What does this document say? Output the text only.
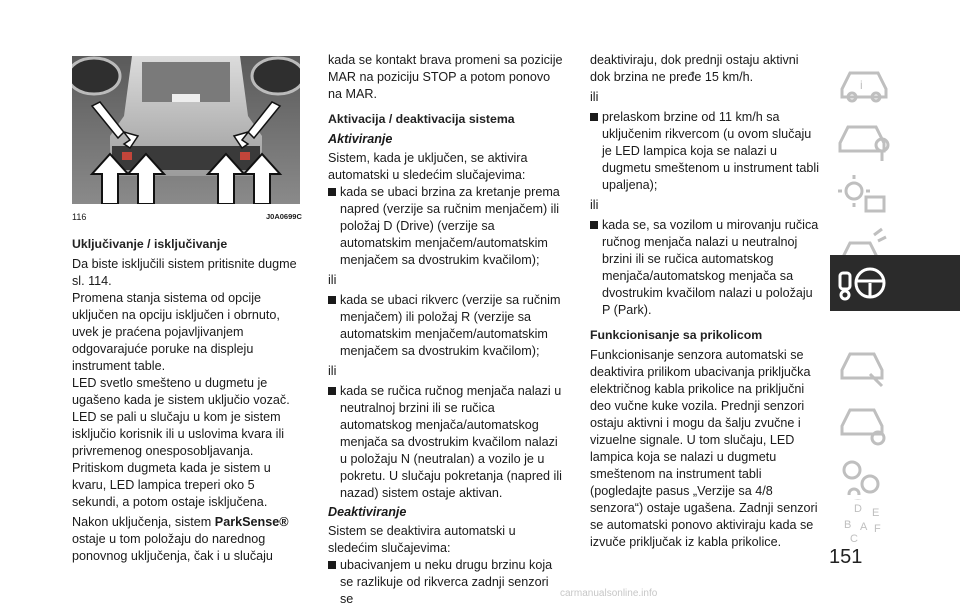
116	J0A0699C

Uključivanje / isključivanje

Da biste isključili sistem pritisnite dugme sl. 114.

Promena stanja sistema od opcije uključen na opciju isključen i obrnuto, uvek je praćena pojavljivanjem odgovarajuće poruke na displeju instrument table.

LED svetlo smešteno u dugmetu je ugašeno kada je sistem uključio vozač. LED se pali u slučaju u kom je sistem isključio korisnik ili u uslovima kvara ili privremenog onesposobljavanja.

Pritiskom dugmeta kada je sistem u kvaru, LED lampica treperi oko 5 sekundi, a potom ostaje isključena.

Nakon uključenja, sistem ParkSense® ostaje u tom položaju do narednog ponovnog uključenja, čak i u slučaju

kada se kontakt brava promeni sa pozicije MAR na poziciju STOP a potom ponovo na MAR.

Aktivacija / deaktivacija sistema

Aktiviranje

Sistem, kada je uključen, se aktivira automatski u sledećim slučajevima:

kada se ubaci brzina za kretanje prema napred (verzije sa ručnim menjačem) ili položaj D (Drive) (verzije sa automatskim menjačem/automatskim menjačem sa dvostrukim kvačilom);

ili

kada se ubaci rikverc (verzije sa ručnim menjačem) ili položaj R (verzije sa automatskim menjačem/automatskim menjačem sa dvostrukim kvačilom);

ili

kada se ručica ručnog menjača nalazi u neutralnoj brzini ili se ručica automatskog menjača/automatskog menjača sa dvostrukim kvačilom nalazi u položaju N (neutralan) a vozilo je u pokretu. U slučaju pokretanja (napred ili nazad) sistem ostaje aktivan.

Deaktiviranje

Sistem se deaktivira automatski u sledećim slučajevima:

ubacivanjem u neku drugu brzinu koja se razlikuje od rikverca zadnji senzori se

deaktiviraju, dok prednji ostaju aktivni dok brzina ne pređe 15 km/h.

ili

prelaskom brzine od 11 km/h sa uključenim rikvercom (u ovom slučaju je LED lampica koja se nalazi u dugmetu smeštenom u instrument tabli upaljena);

ili

kada se, sa vozilom u mirovanju ručica ručnog menjača nalazi u neutralnoj brzini ili se ručica automatskog menjača/automatskog menjača sa dvostrukim kvačilom nalazi u položaju P (Park).

Funkcionisanje sa prikolicom

Funkcionisanje senzora automatski se deaktivira prilikom ubacivanja priključka električnog kabla prikolice na priključni deo vučne kuke vozila. Prednji senzori ostaju aktivni i mogu da šalju zvučne i vizuelne signale. U tom slučaju, LED lampica koja se nalazi u dugmetu smeštenom na instrument tabli (pogledajte pasus „Verzije sa 4/8 senzora“) ostaje ugašena. Zadnji senzori se automatski ponovo aktiviraju kada se izvuče priključak iz kabla prikolice.

i
D E
B A F
C
151
carmanualsonline.info
